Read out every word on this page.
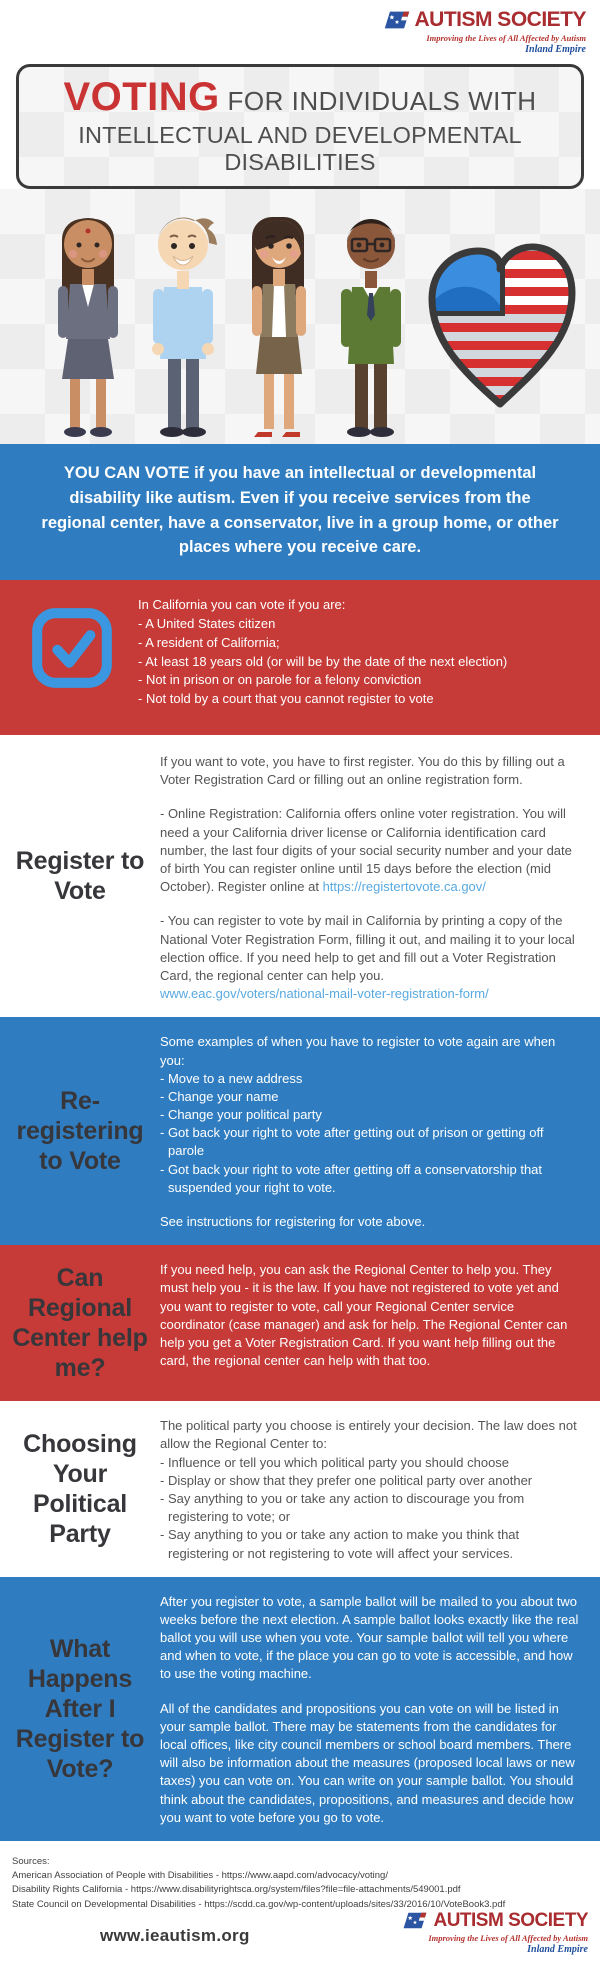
AUTISM SOCIETY
Improving the Lives of All Affected by Autism
Inland Empire
VOTING FOR INDIVIDUALS WITH
INTELLECTUAL AND DEVELOPMENTAL DISABILITIES
YOU CAN VOTE if you have an intellectual or developmental disability like autism. Even if you receive services from the regional center, have a conservator, live in a group home, or other places where you receive care.
In California you can vote if you are:
- A United States citizen
- A resident of California;
- At least 18 years old (or will be by the date of the next election)
- Not in prison or on parole for a felony conviction
- Not told by a court that you cannot register to vote
Register to Vote

If you want to vote, you have to first register. You do this by filling out a Voter Registration Card or filling out an online registration form.

- Online Registration: California offers online voter registration. You will need a your California driver license or California identification card number, the last four digits of your social security number and your date of birth You can register online until 15 days before the election (mid October). Register online at https://registertovote.ca.gov/

- You can register to vote by mail in California by printing a copy of the National Voter Registration Form, filling it out, and mailing it to your local election office. If you need help to get and fill out a Voter Registration Card, the regional center can help you.
www.eac.gov/voters/national-mail-voter-registration-form/

Re-registering to Vote
Some examples of when you have to register to vote again are when you:
- Move to a new address
- Change your name
- Change your political party
- Got back your right to vote after getting out of prison or getting off parole
- Got back your right to vote after getting off a conservatorship that suspended your right to vote.
See instructions for registering for vote above.
Can Regional Center help me?
If you need help, you can ask the Regional Center to help you. They must help you - it is the law. If you have not registered to vote yet and you want to register to vote, call your Regional Center service coordinator (case manager) and ask for help. The Regional Center can help you get a Voter Registration Card. If you want help filling out the card, the regional center can help with that too.
Choosing Your Political Party
The political party you choose is entirely your decision. The law does not allow the Regional Center to:
- Influence or tell you which political party you should choose
- Display or show that they prefer one political party over another
- Say anything to you or take any action to discourage you from registering to vote; or
- Say anything to you or take any action to make you think that registering or not registering to vote will affect your services.
What Happens After I Register to Vote?

After you register to vote, a sample ballot will be mailed to you about two weeks before the next election. A sample ballot looks exactly like the real ballot you will use when you vote. Your sample ballot will tell you where and when to vote, if the place you can go to vote is accessible, and how to use the voting machine.

All of the candidates and propositions you can vote on will be listed in your sample ballot. There may be statements from the candidates for local offices, like city council members or school board members. There will also be information about the measures (proposed local laws or new taxes) you can vote on. You can write on your sample ballot. You should think about the candidates, propositions, and measures and decide how you want to vote before you go to vote.

Sources:
American Association of People with Disabilities - https://www.aapd.com/advocacy/voting/
Disability Rights California - https://www.disabilityrightsca.org/system/files?file=file-attachments/549001.pdf
State Council on Developmental Disabilities - https://scdd.ca.gov/wp-content/uploads/sites/33/2016/10/VoteBook3.pdf
www.ieautism.org
AUTISM SOCIETY
Improving the Lives of All Affected by Autism
Inland Empire
